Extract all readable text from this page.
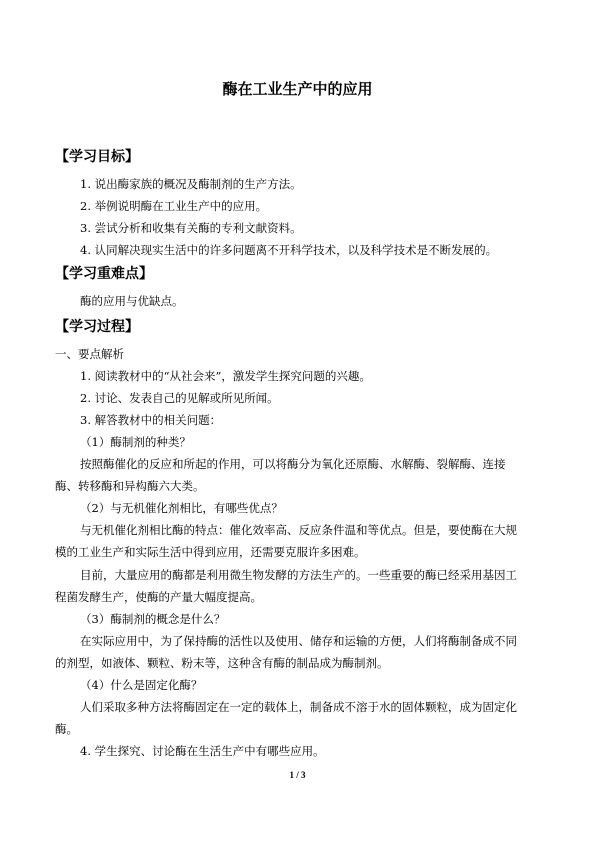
酶在工业生产中的应用
【学习目标】
1. 说出酶家族的概况及酶制剂的生产方法。
2. 举例说明酶在工业生产中的应用。
3. 尝试分析和收集有关酶的专利文献资料。
4. 认同解决现实生活中的许多问题离不开科学技术，以及科学技术是不断发展的。
【学习重难点】
酶的应用与优缺点。
【学习过程】
一、要点解析
1. 阅读教材中的“从社会来”，激发学生探究问题的兴趣。
2. 讨论、发表自己的见解或所见所闻。
3. 解答教材中的相关问题：
（1）酶制剂的种类？
按照酶催化的反应和所起的作用，可以将酶分为氧化还原酶、水解酶、裂解酶、连接
酶、转移酶和异构酶六大类。
（2）与无机催化剂相比，有哪些优点？
与无机催化剂相比酶的特点：催化效率高、反应条件温和等优点。但是，要使酶在大规
模的工业生产和实际生活中得到应用，还需要克服许多困难。
目前，大量应用的酶都是利用微生物发酵的方法生产的。一些重要的酶已经采用基因工
程菌发酵生产，使酶的产量大幅度提高。
（3）酶制剂的概念是什么？
在实际应用中，为了保持酶的活性以及使用、储存和运输的方便，人们将酶制备成不同
的剂型，如液体、颗粒、粉末等，这种含有酶的制品成为酶制剂。
（4）什么是固定化酶？
人们采取多种方法将酶固定在一定的载体上，制备成不溶于水的固体颗粒，成为固定化
酶。
4. 学生探究、讨论酶在生活生产中有哪些应用。
1 / 3
